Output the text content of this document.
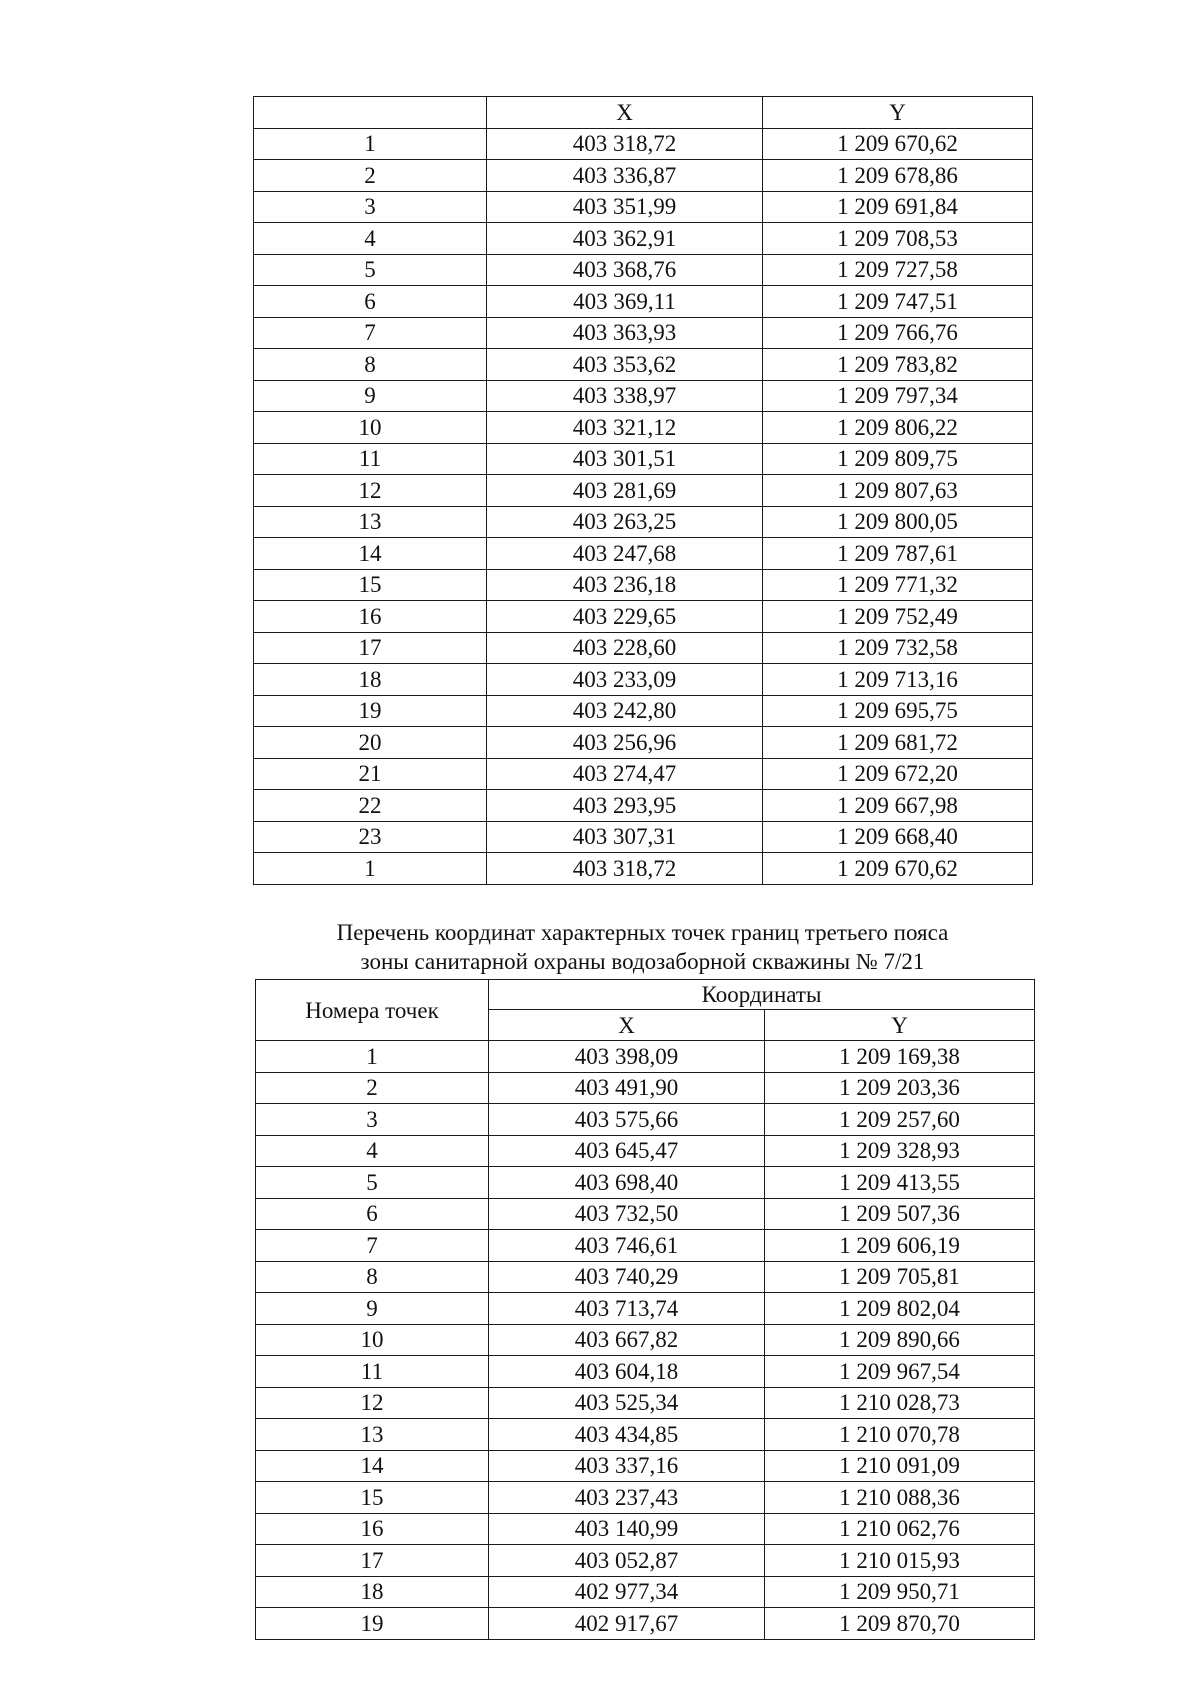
	X	Y
1	403 318,72	1 209 670,62
2	403 336,87	1 209 678,86
3	403 351,99	1 209 691,84
4	403 362,91	1 209 708,53
5	403 368,76	1 209 727,58
6	403 369,11	1 209 747,51
7	403 363,93	1 209 766,76
8	403 353,62	1 209 783,82
9	403 338,97	1 209 797,34
10	403 321,12	1 209 806,22
11	403 301,51	1 209 809,75
12	403 281,69	1 209 807,63
13	403 263,25	1 209 800,05
14	403 247,68	1 209 787,61
15	403 236,18	1 209 771,32
16	403 229,65	1 209 752,49
17	403 228,60	1 209 732,58
18	403 233,09	1 209 713,16
19	403 242,80	1 209 695,75
20	403 256,96	1 209 681,72
21	403 274,47	1 209 672,20
22	403 293,95	1 209 667,98
23	403 307,31	1 209 668,40
1	403 318,72	1 209 670,62

Перечень координат характерных точек границ третьего пояса

зоны санитарной охраны водозаборной скважины № 7/21

Номера точек	Координаты	
	X	Y
1	403 398,09	1 209 169,38
2	403 491,90	1 209 203,36
3	403 575,66	1 209 257,60
4	403 645,47	1 209 328,93
5	403 698,40	1 209 413,55
6	403 732,50	1 209 507,36
7	403 746,61	1 209 606,19
8	403 740,29	1 209 705,81
9	403 713,74	1 209 802,04
10	403 667,82	1 209 890,66
11	403 604,18	1 209 967,54
12	403 525,34	1 210 028,73
13	403 434,85	1 210 070,78
14	403 337,16	1 210 091,09
15	403 237,43	1 210 088,36
16	403 140,99	1 210 062,76
17	403 052,87	1 210 015,93
18	402 977,34	1 209 950,71
19	402 917,67	1 209 870,70
